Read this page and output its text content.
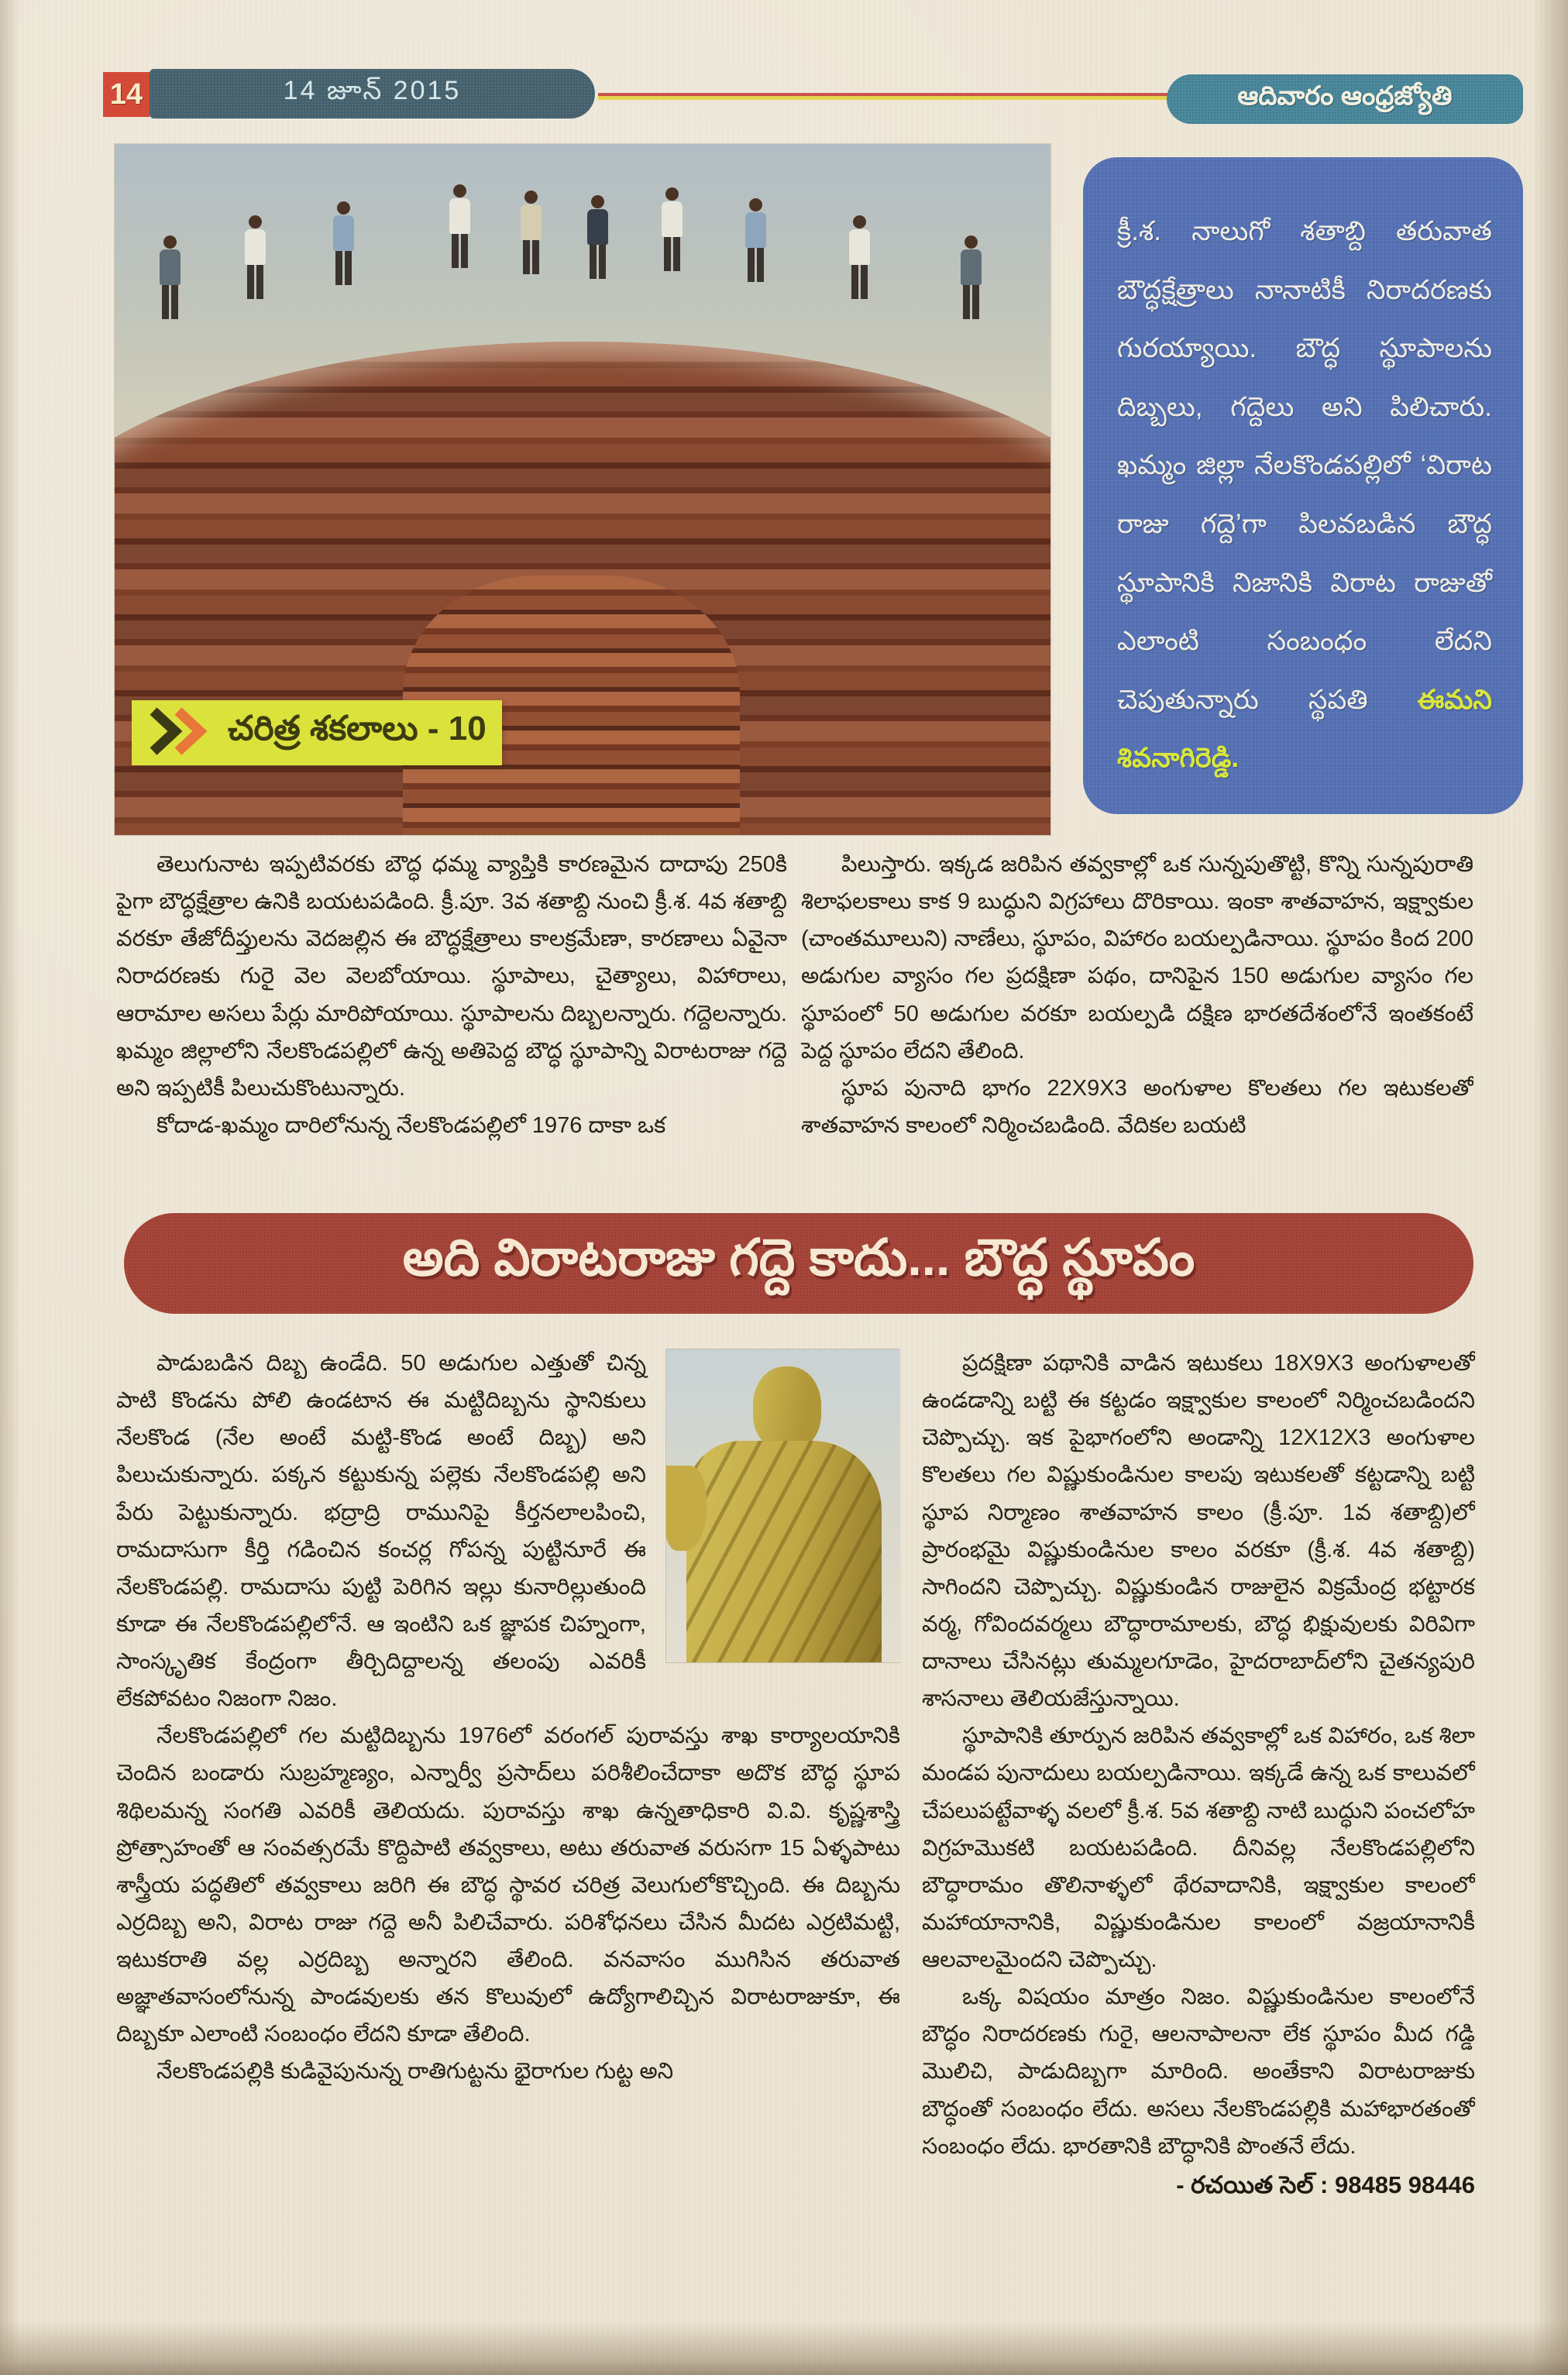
14	14 జూన్ 2015	ఆదివారం ఆంధ్రజ్యోతి
చరిత్ర శకలాలు - 10
క్రీ.శ. నాలుగో శతాబ్ది తరువాత బౌద్ధక్షేత్రాలు నానాటికీ నిరాదరణకు గురయ్యాయి. బౌద్ధ స్థూపాలను దిబ్బలు, గద్దెలు అని పిలిచారు. ఖమ్మం జిల్లా నేలకొండపల్లిలో ‘విరాట రాజు గద్దె’గా పిలవబడిన బౌద్ధ స్థూపానికి నిజానికి విరాట రాజుతో ఎలాంటి సంబంధం లేదని చెపుతున్నారు స్థపతి ఈమని శివనాగిరెడ్డి.

తెలుగునాట ఇప్పటివరకు బౌద్ధ ధమ్మ వ్యాప్తికి కారణమైన దాదాపు 250కి పైగా బౌద్ధక్షేత్రాల ఉనికి బయటపడింది. క్రీ.పూ. 3వ శతాబ్ది నుంచి క్రీ.శ. 4వ శతాబ్ది వరకూ తేజోదీప్తులను వెదజల్లిన ఈ బౌద్ధక్షేత్రాలు కాలక్రమేణా, కారణాలు ఏవైనా నిరాదరణకు గురై వెల వెలబోయాయి. స్థూపాలు, చైత్యాలు, విహారాలు, ఆరామాల అసలు పేర్లు మారిపోయాయి. స్థూపాలను దిబ్బలన్నారు. గద్దెలన్నారు. ఖమ్మం జిల్లాలోని నేలకొండపల్లిలో ఉన్న అతిపెద్ద బౌద్ధ స్థూపాన్ని విరాటరాజు గద్దె అని ఇప్పటికీ పిలుచుకొంటున్నారు.

కోదాడ-ఖమ్మం దారిలోనున్న నేలకొండపల్లిలో 1976 దాకా ఒక

పిలుస్తారు. ఇక్కడ జరిపిన తవ్వకాల్లో ఒక సున్నపుతొట్టి, కొన్ని సున్నపురాతి శిలాఫలకాలు కాక 9 బుద్ధుని విగ్రహాలు దొరికాయి. ఇంకా శాతవాహన, ఇక్ష్వాకుల (చాంతమూలుని) నాణేలు, స్థూపం, విహారం బయల్పడినాయి. స్థూపం కింద 200 అడుగుల వ్యాసం గల ప్రదక్షిణా పథం, దానిపైన 150 అడుగుల వ్యాసం గల స్థూపంలో 50 అడుగుల వరకూ బయల్పడి దక్షిణ భారతదేశంలోనే ఇంతకంటే పెద్ద స్థూపం లేదని తేలింది.

స్థూప పునాది భాగం 22X9X3 అంగుళాల కొలతలు గల ఇటుకలతో శాతవాహన కాలంలో నిర్మించబడింది. వేదికల బయటి

అది విరాటరాజు గద్దె కాదు... బౌద్ధ స్థూపం

పాడుబడిన దిబ్బ ఉండేది. 50 అడుగుల ఎత్తుతో చిన్న పాటి కొండను పోలి ఉండటాన ఈ మట్టిదిబ్బను స్థానికులు నేలకొండ (నేల అంటే మట్టి-కొండ అంటే దిబ్బ) అని పిలుచుకున్నారు. పక్కన కట్టుకున్న పల్లెకు నేలకొండపల్లి అని పేరు పెట్టుకున్నారు. భద్రాద్రి రామునిపై కీర్తనలాలపించి, రామదాసుగా కీర్తి గడించిన కంచర్ల గోపన్న పుట్టినూరే ఈ నేలకొండపల్లి. రామదాసు పుట్టి పెరిగిన ఇల్లు కునారిల్లుతుంది కూడా ఈ నేలకొండపల్లిలోనే. ఆ ఇంటిని ఒక జ్ఞాపక చిహ్నంగా, సాంస్కృతిక కేంద్రంగా తీర్చిదిద్దాలన్న తలంపు ఎవరికీ లేకపోవటం నిజంగా నిజం.

నేలకొండపల్లిలో గల మట్టిదిబ్బను 1976లో వరంగల్ పురావస్తు శాఖ కార్యాలయానికి చెందిన బండారు సుబ్రహ్మణ్యం, ఎన్నార్వీ ప్రసాద్‌లు పరిశీలించేదాకా అదొక బౌద్ధ స్థూప శిథిలమన్న సంగతి ఎవరికీ తెలియదు. పురావస్తు శాఖ ఉన్నతాధికారి వి.వి. కృష్ణశాస్త్రి ప్రోత్సాహంతో ఆ సంవత్సరమే కొద్దిపాటి తవ్వకాలు, అటు తరువాత వరుసగా 15 ఏళ్ళపాటు శాస్త్రీయ పద్ధతిలో తవ్వకాలు జరిగి ఈ బౌద్ధ స్థావర చరిత్ర వెలుగులోకొచ్చింది. ఈ దిబ్బను ఎర్రదిబ్బ అని, విరాట రాజు గద్దె అనీ పిలిచేవారు. పరిశోధనలు చేసిన మీదట ఎర్రటిమట్టి, ఇటుకరాతి వల్ల ఎర్రదిబ్బ అన్నారని తేలింది. వనవాసం ముగిసిన తరువాత అజ్ఞాతవాసంలోనున్న పాండవులకు తన కొలువులో ఉద్యోగాలిచ్చిన విరాటరాజుకూ, ఈ దిబ్బకూ ఎలాంటి సంబంధం లేదని కూడా తేలింది.

నేలకొండపల్లికి కుడివైపునున్న రాతిగుట్టను భైరాగుల గుట్ట అని

ప్రదక్షిణా పథానికి వాడిన ఇటుకలు 18X9X3 అంగుళాలతో ఉండడాన్ని బట్టి ఈ కట్టడం ఇక్ష్వాకుల కాలంలో నిర్మించబడిందని చెప్పొచ్చు. ఇక పైభాగంలోని అండాన్ని 12X12X3 అంగుళాల కొలతలు గల విష్ణుకుండినుల కాలపు ఇటుకలతో కట్టడాన్ని బట్టి స్థూప నిర్మాణం శాతవాహన కాలం (క్రీ.పూ. 1వ శతాబ్ది)లో ప్రారంభమై విష్ణుకుండినుల కాలం వరకూ (క్రీ.శ. 4వ శతాబ్ది) సాగిందని చెప్పొచ్చు. విష్ణుకుండిన రాజులైన విక్రమేంద్ర భట్టారక వర్మ, గోవిందవర్మలు బౌద్ధారామాలకు, బౌద్ధ భిక్షువులకు విరివిగా దానాలు చేసినట్లు తుమ్మలగూడెం, హైదరాబాద్‌లోని చైతన్యపురి శాసనాలు తెలియజేస్తున్నాయి.

స్థూపానికి తూర్పున జరిపిన తవ్వకాల్లో ఒక విహారం, ఒక శిలా మండప పునాదులు బయల్పడినాయి. ఇక్కడే ఉన్న ఒక కాలువలో చేపలుపట్టేవాళ్ళ వలలో క్రీ.శ. 5వ శతాబ్ది నాటి బుద్ధుని పంచలోహ విగ్రహమొకటి బయటపడింది. దీనివల్ల నేలకొండపల్లిలోని బౌద్ధారామం తొలినాళ్ళలో థేరవాదానికి, ఇక్ష్వాకుల కాలంలో మహాయానానికి, విష్ణుకుండినుల కాలంలో వజ్రయానానికీ ఆలవాలమైందని చెప్పొచ్చు.

ఒక్క విషయం మాత్రం నిజం. విష్ణుకుండినుల కాలంలోనే బౌద్ధం నిరాదరణకు గురై, ఆలనాపాలనా లేక స్థూపం మీద గడ్డి మొలిచి, పాడుదిబ్బగా మారింది. అంతేకాని విరాటరాజుకు బౌద్ధంతో సంబంధం లేదు. అసలు నేలకొండపల్లికి మహాభారతంతో సంబంధం లేదు. భారతానికి బౌద్ధానికి పొంతనే లేదు.

- రచయిత సెల్ : 98485 98446
